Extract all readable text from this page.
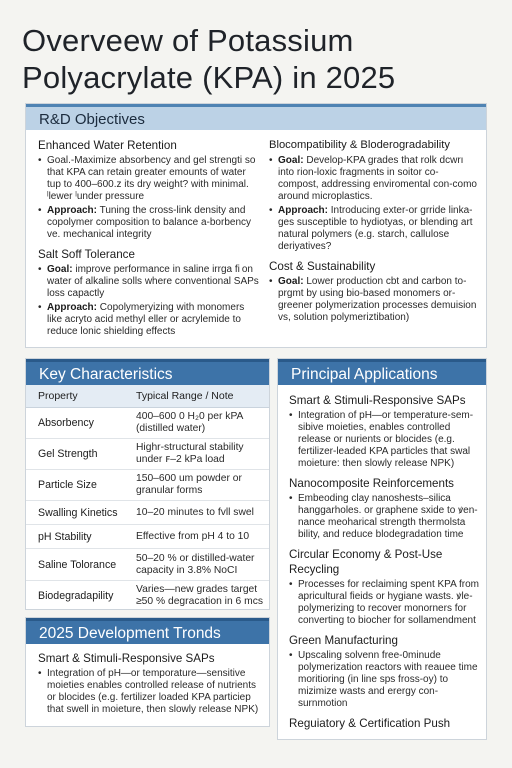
Overveew of Potassium Polyacrylate (KPA) in 2025
R&D Objectives
Enhanced Water Retention
• Goal.-Maximize absorbency and gel strengti so that KPA can retain greater emounts of water tup to 400–600.z its dry weight? with minimal. ˡlewer ˡunder pressure
• Approach: Tuning the cross-link density and copolymer composition to balance a-borbency ve. mechanical integrity
Salt Soff Tolerance
• Goal: improve performance in saline irrga fi on water of alkaline solls where conventional SAPs loss capactly
• Approach: Copolymeryizing with monomers like acryto acid methyl eller or acrylemide to reduce lonic shielding effects
Blocompatibility & Bloderogradability
• Goal: Develop-KPA grades that rolk dcwrı into rion-loxic fragments in soitor co-compost, addressing enviromental con-como around microplastics.
• Approach: Introducing exter-or grride linka-ges susceptible to hydiotyas, or blending art natural polymers (e.g. starch, callulose deriyatives?
Cost & Sustainability
• Goal: Lower production cbt and carbon to-prgmt by using bio-based monomers or-greener polymerization processes demuision vs, solution polymeriztibation)
Key Characteristics
Property	Typical Range / Note
Absorbency	400–600 0 H₂0 per kPA (distilled water)
Gel Strength	Highr-structural stability under ꜰ–2 kPa load
Particle Size	150–600 um powder or granular forms
Swalling Kinetics	10–20 minutes to fvll swel
pH Stability	Effective from pH 4 to 10
Saline Tolorance	50–20 % or distilled-water capacity in 3.8% NoCI
Biodegradapility	Varies—new grades target ≥50 % degracation in 6 mcs
2025 Development Tronds
Smart & Stimuli-Responsive SAPs
• Integration of pH—or temporature—sensitive moieties enables controlled release of nutrients or blocides (e.g. fertilizer loaded KPA particie​p that swell in moieture, then slowly release NPK)
Principal Applications
Smart & Stimuli-Responsive SAPs
• Integration of pH—or temperature-sem-sibive moieties, enables controlled release or nurients or blocides (e.g. fertilizer-leaded KPA particles that swal moieture: then slowly release NPK)
Nanocomposite Reinforcements
• Embeoding clay nanoshests–silica hanggarholes. or graphene sxide to ꝟen-nance meoharical strength thermolsta bility, and reduce blodegradation time
Circular Economy & Post-Use Recycling
• Processes for reclaiming spent KPA from apricultural fieids or hygiane wasts. ꝟle-polymerizing to recover monorners for converting to biocher for sollamendment
Green Manufacturing
• Upscaling solvenn free-0minude polymerization reactors with reauee time moritioring (in line sps fross-oy) to mizimize wasts and erergy con-surnmotion
Reguiatory & Certification Push
